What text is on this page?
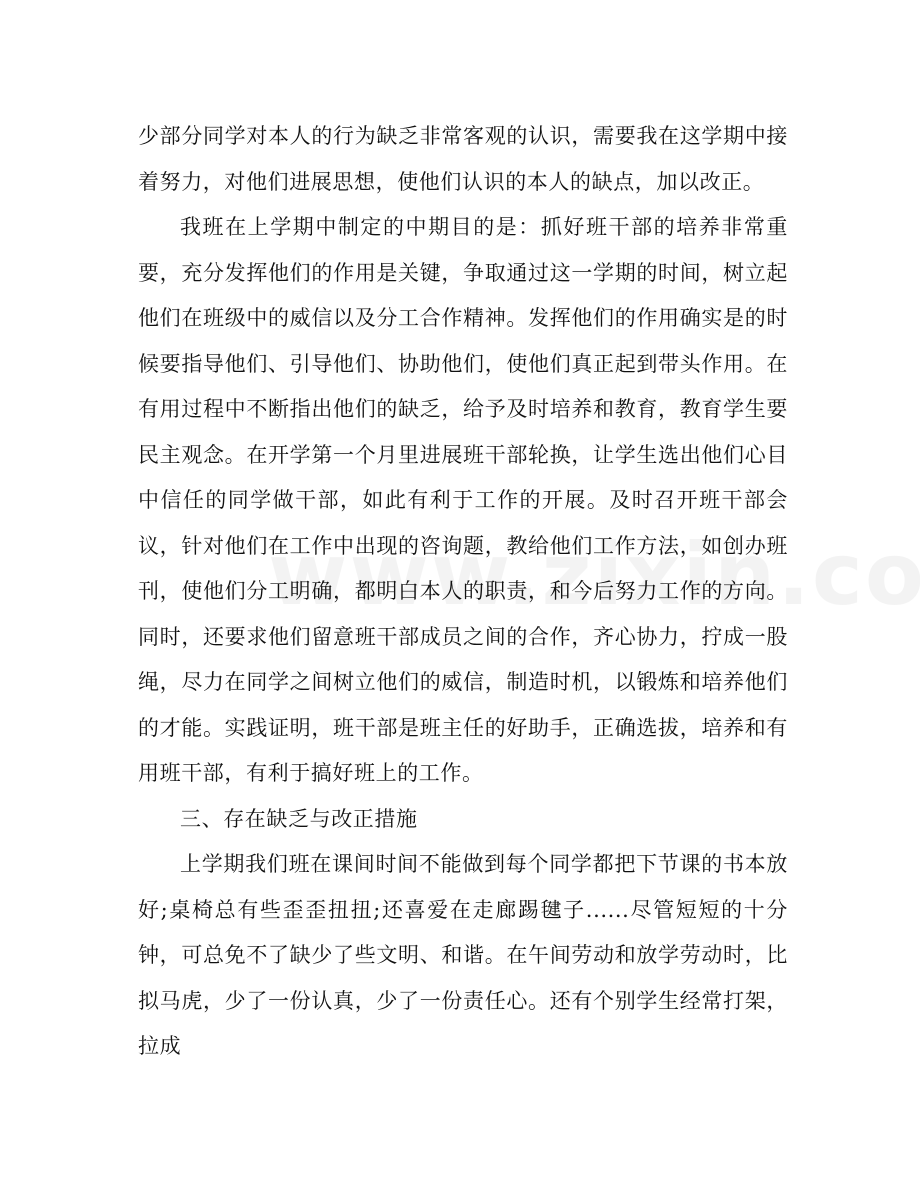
少部分同学对本人的行为缺乏非常客观的认识，需要我在这学期中接着努力，对他们进展思想，使他们认识的本人的缺点，加以改正。

我班在上学期中制定的中期目的是：抓好班干部的培养非常重要，充分发挥他们的作用是关键，争取通过这一学期的时间，树立起他们在班级中的威信以及分工合作精神。发挥他们的作用确实是的时候要指导他们、引导他们、协助他们，使他们真正起到带头作用。在有用过程中不断指出他们的缺乏，给予及时培养和教育，教育学生要民主观念。在开学第一个月里进展班干部轮换，让学生选出他们心目中信任的同学做干部，如此有利于工作的开展。及时召开班干部会议，针对他们在工作中出现的咨询题，教给他们工作方法，如创办班刊，使他们分工明确，都明白本人的职责，和今后努力工作的方向。同时，还要求他们留意班干部成员之间的合作，齐心协力，拧成一股绳，尽力在同学之间树立他们的威信，制造时机，以锻炼和培养他们的才能。实践证明，班干部是班主任的好助手，正确选拔，培养和有用班干部，有利于搞好班上的工作。

三、存在缺乏与改正措施

上学期我们班在课间时间不能做到每个同学都把下节课的书本放好;桌椅总有些歪歪扭扭;还喜爱在走廊踢毽子......尽管短短的十分钟，可总免不了缺少了些文明、和谐。在午间劳动和放学劳动时，比拟马虎，少了一份认真，少了一份责任心。还有个别学生经常打架，拉成
